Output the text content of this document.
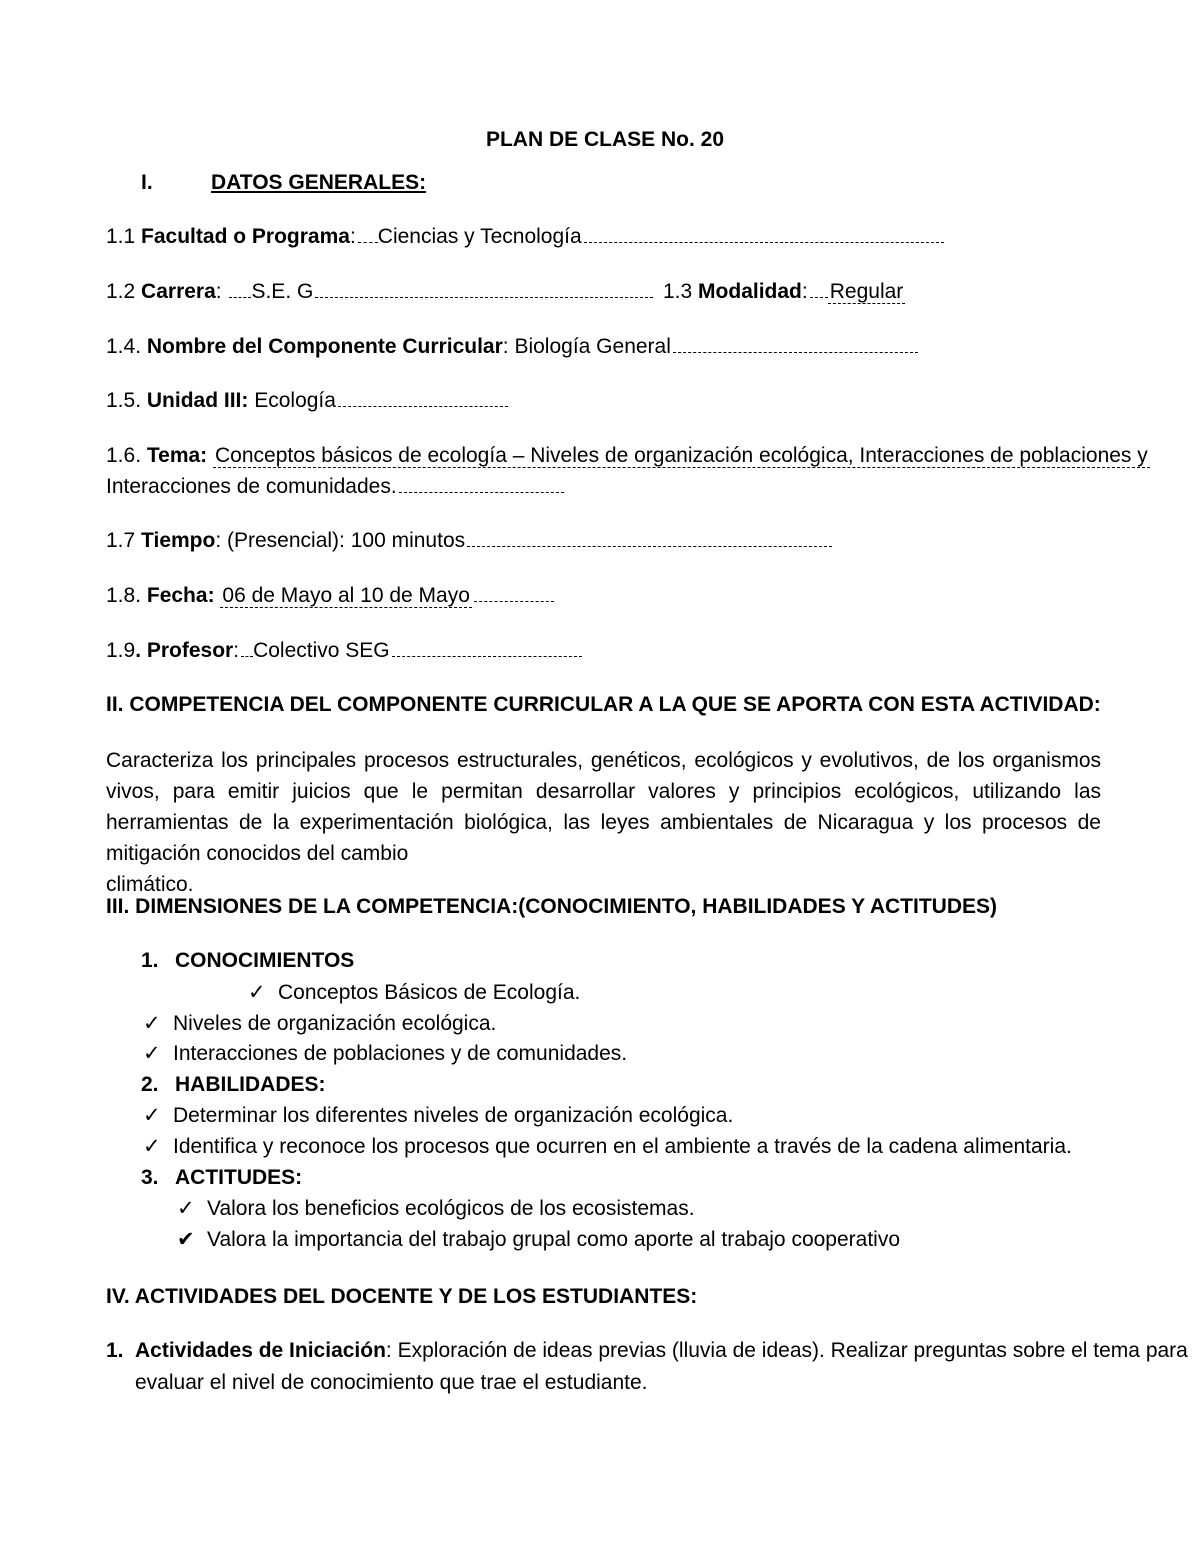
PLAN DE CLASE No. 20
I.	DATOS GENERALES:
1.1 Facultad o Programa: Ciencias y Tecnología
1.2 Carrera: S.E. G	1.3 Modalidad: Regular
1.4. Nombre del Componente Curricular: Biología General
1.5. Unidad III: Ecología
1.6. Tema: Conceptos básicos de ecología – Niveles de organización ecológica, Interacciones de poblaciones y
Interacciones de comunidades.
1.7 Tiempo: (Presencial): 100 minutos
1.8. Fecha: 06 de Mayo al 10 de Mayo
1.9. Profesor: Colectivo SEG
II. COMPETENCIA DEL COMPONENTE CURRICULAR A LA QUE SE APORTA CON ESTA ACTIVIDAD:
Caracteriza los principales procesos estructurales, genéticos, ecológicos y evolutivos, de los organismos vivos, para emitir juicios que le permitan desarrollar valores y principios ecológicos, utilizando las herramientas de la experimentación biológica, las leyes ambientales de Nicaragua y los procesos de mitigación conocidos del cambio
climático.
III. DIMENSIONES DE LA COMPETENCIA:(CONOCIMIENTO, HABILIDADES Y ACTITUDES)
1. CONOCIMIENTOS
✓ Conceptos Básicos de Ecología.
✓ Niveles de organización ecológica.
✓ Interacciones de poblaciones y de comunidades.
2. HABILIDADES:
✓ Determinar los diferentes niveles de organización ecológica.
✓ Identifica y reconoce los procesos que ocurren en el ambiente a través de la cadena alimentaria.
3. ACTITUDES:
✓ Valora los beneficios ecológicos de los ecosistemas.
✔ Valora la importancia del trabajo grupal como aporte al trabajo cooperativo
IV. ACTIVIDADES DEL DOCENTE Y DE LOS ESTUDIANTES:
1. Actividades de Iniciación: Exploración de ideas previas (lluvia de ideas). Realizar preguntas sobre el tema para
evaluar el nivel de conocimiento que trae el estudiante.
